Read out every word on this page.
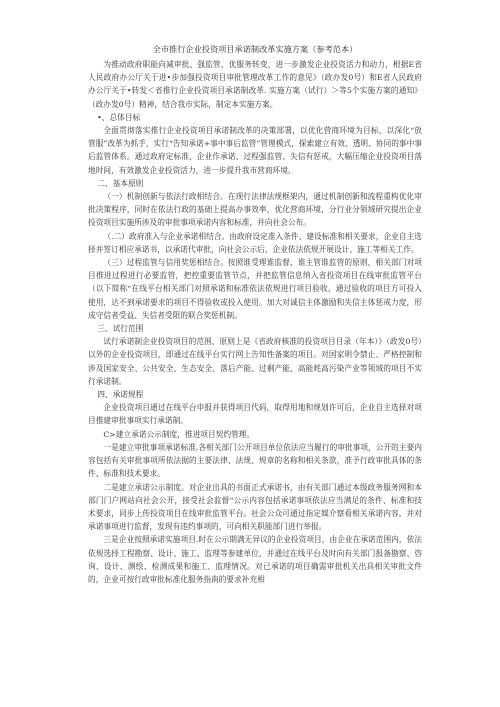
全市推行企业投资项目承诺制改革实施方案（参考范本）

为推动政府职能向减审批、强监管、优服务转变，进一步激发企业投资活力和动力，根据E省人民政府办公厅关于进•步加强投资项目审批管理改革工作的意见》（政办发0号）和E省人民政府办公厅关于•转发＜省推行企业投资项目承诺制改革. 实施方案（试行）＞等5个实施方案的通知》（政办发0号）精神，结合我市实际，制定本实施方案。

•、总体目标

全面贯彻落实推行企业投资项目承诺制改革的决策部署，以优化营商环境为目标，以深化“放管服”改革为抓手，实行“告知承诺+事中事后监管”管理模式，探索建立有效、透明、协同的事中事后监管体系。通过政府定标准、企业作承诺、过程强监管、失信有惩戒，大幅压缩企业投资项目落地时间，有效激发企业投资活力，进一步提升我市营商环境。

二、基本原则

（一）机制创新与依法行政相结合。在现行法律法规框架内，通过机制创新和流程重构优化审批决策程序，同时在依法行政的基础上提高办事效率，优化营商环境，分行业分领域研究提出企业投资项目实施所涉及的审批事项承诺内容和标准，并向社会公布。

（.二）政府准入与企业承诺相结合。由政府设定准入条件、建设标准和相关要求，企业自主选择并签订相应承诺书，以承诺代审批，向社会公示后，企业依法依规开展设计、施工等相关工作。

（三）过程监管与信用奖惩相结合。按照谁受理谁监督、谁主管谁监管的原则，相关部门对项目推进过程进行必要监管，把控重要监管节点，并把监管信息纳入省投资项目在线审批监管平台（以下简称“在线平台相关部门对照承诺和标准依法依规进行项目验收，通过验收的项目方可投入使用，达不到承诺要求的项目不得验收或投入使用。加大对诚信主体激励和失信主体惩戒力度，形成守信者受益、失信者受限的联合奖惩机制。

三、试行范围

试行承诺制企业投资项目的范围，原则上是《省政府核准的投资项目目录（年本）》（政发0号）以外的企业投资项目，即通过在线平台实行网上告知性备案的项目。对国家明令禁止、严格控制和涉及国家安全、公共安全、生态安全、落后产能、过剩产能、高能耗高污染产业等领域的项目不实行承诺制。

四、承诺规程

企业投资项目通过在线平台申报并获得项目代码，取得用地和规划许可后，企业自主选择对项目推建审批事项实行承诺制。

C>建立承诺公示制度，推进项目契约管理。

一是建立审批事项承诺标准.各相关部门公开项目单位依法应当履行的审批事项，公开的主要内容包括有关审批事项所依法据的主要法律、法规、规章的名称和相关条款，准予行政审批具体的条件、标准和技术要求。

二是建立承诺公示制度。对企业出具的书面正式承诺书，由有关部门通过本级政务服务网和本部门门户网站向社会公开，接受社会监督“公示内容包括承诺事项依法应当满足的条件、标准和技术要求，同步上传投资项目在线审批监管平台。社会公众可通过指定媒介察看相关承诺内容，并对承诺事项进行监督，发现有违约事项的，可向相关职能部门进行举报。

三是企业按照承诺实施项目.时在公示期满无异议的企业投资项目，由企业在承诺范围内，依法依规选择工程勘察、设计、施工、监理等参建单位，并通过在线平台及时向有关部门报备勘察、咨询、设计、测绘、检测成果和施工、监理情况。对已承诺的项目确需审批机关出具相关审批文件的，企业可按行政审批标准化服务指南的要求补充相
